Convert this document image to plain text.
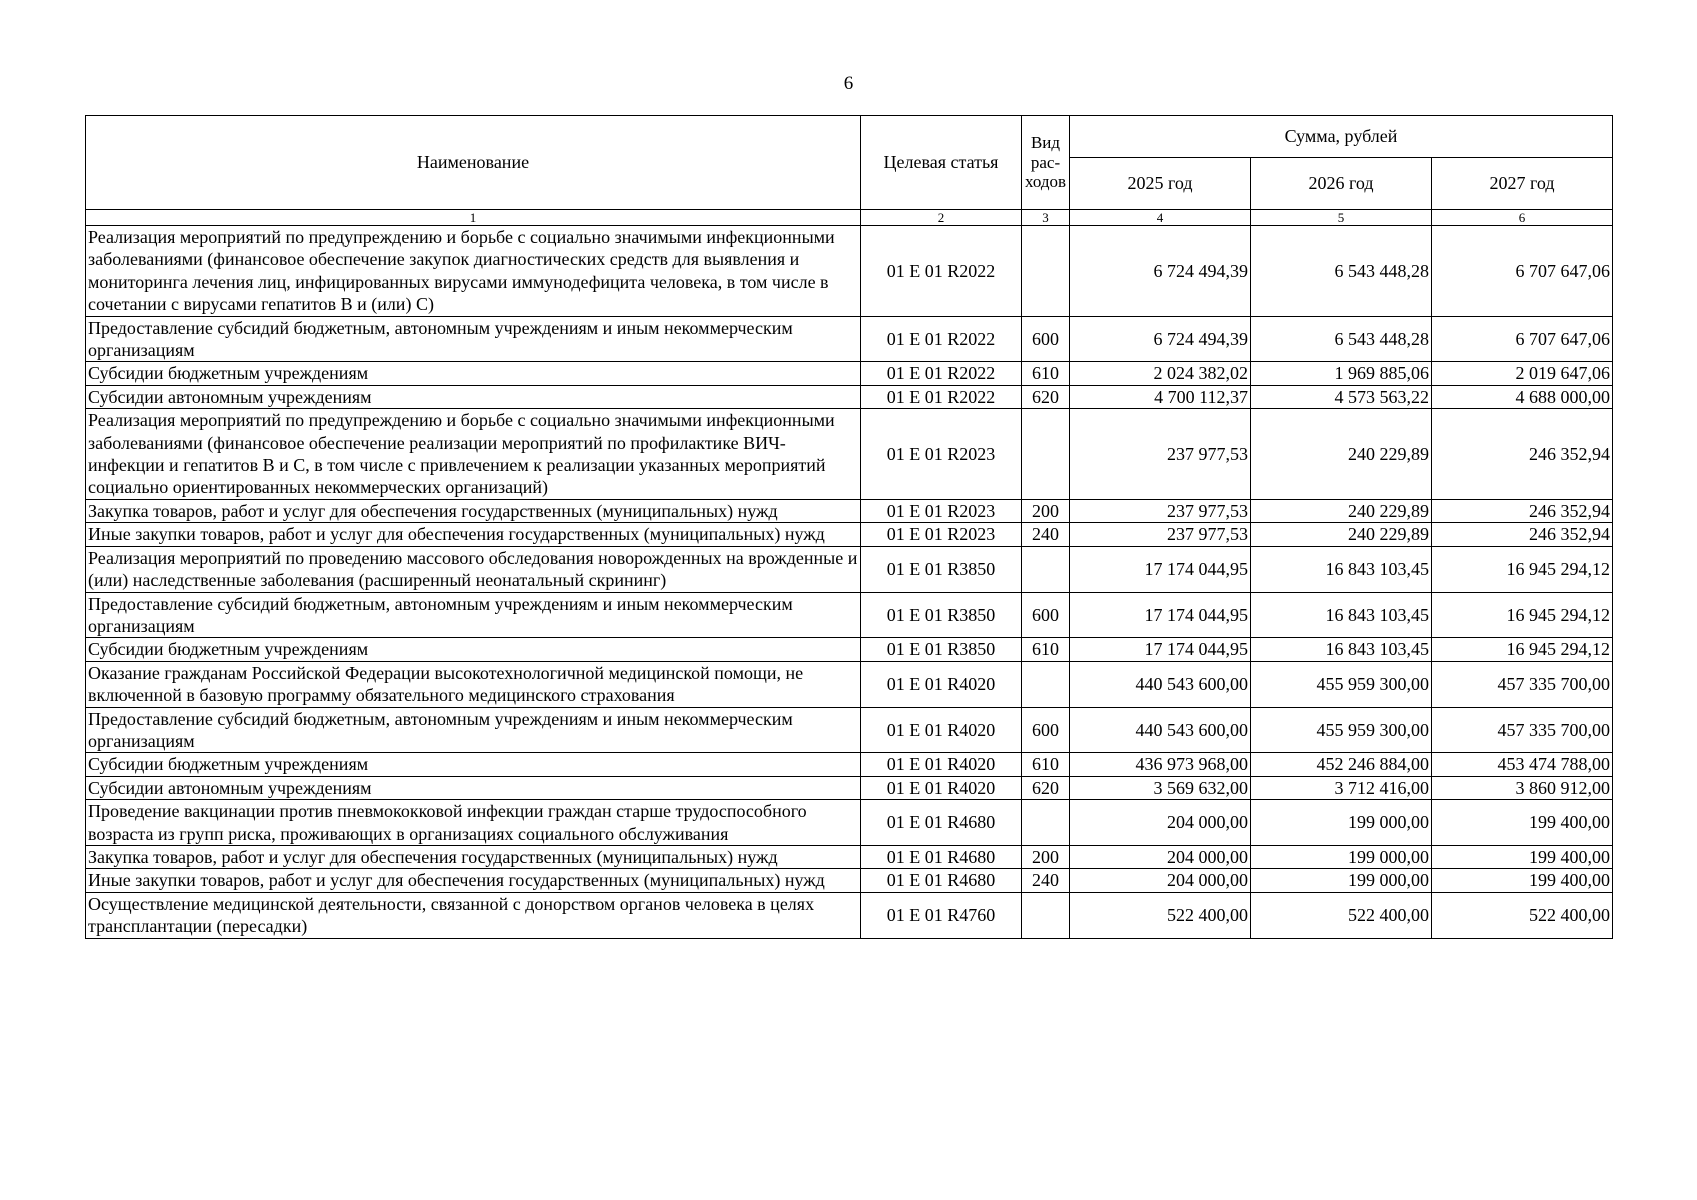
6
Наименование	Целевая статья	Вид рас-ходов	Сумма, рублей		
			2025 год	2026 год	2027 год
1	2	3	4	5	6
Реализация мероприятий по предупреждению и борьбе с социально значимыми инфекционными заболеваниями (финансовое обеспечение закупок диагностических средств для выявления и мониторинга лечения лиц, инфицированных вирусами иммунодефицита человека, в том числе в сочетании с вирусами гепатитов В и (или) С)	01 Е 01 R2022		6 724 494,39	6 543 448,28	6 707 647,06
Предоставление субсидий бюджетным, автономным учреждениям и иным некоммерческим организациям	01 Е 01 R2022	600	6 724 494,39	6 543 448,28	6 707 647,06
Субсидии бюджетным учреждениям	01 Е 01 R2022	610	2 024 382,02	1 969 885,06	2 019 647,06
Субсидии автономным учреждениям	01 Е 01 R2022	620	4 700 112,37	4 573 563,22	4 688 000,00
Реализация мероприятий по предупреждению и борьбе с социально значимыми инфекционными заболеваниями (финансовое обеспечение реализации мероприятий по профилактике ВИЧ-инфекции и гепатитов В и С, в том числе с привлечением к реализации указанных мероприятий социально ориентированных некоммерческих организаций)	01 Е 01 R2023		237 977,53	240 229,89	246 352,94
Закупка товаров, работ и услуг для обеспечения государственных (муниципальных) нужд	01 Е 01 R2023	200	237 977,53	240 229,89	246 352,94
Иные закупки товаров, работ и услуг для обеспечения государственных (муниципальных) нужд	01 Е 01 R2023	240	237 977,53	240 229,89	246 352,94
Реализация мероприятий по проведению массового обследования новорожденных на врожденные и (или) наследственные заболевания (расширенный неонатальный скрининг)	01 Е 01 R3850		17 174 044,95	16 843 103,45	16 945 294,12
Предоставление субсидий бюджетным, автономным учреждениям и иным некоммерческим организациям	01 Е 01 R3850	600	17 174 044,95	16 843 103,45	16 945 294,12
Субсидии бюджетным учреждениям	01 Е 01 R3850	610	17 174 044,95	16 843 103,45	16 945 294,12
Оказание гражданам Российской Федерации высокотехнологичной медицинской помощи, не включенной в базовую программу обязательного медицинского страхования	01 Е 01 R4020		440 543 600,00	455 959 300,00	457 335 700,00
Предоставление субсидий бюджетным, автономным учреждениям и иным некоммерческим организациям	01 Е 01 R4020	600	440 543 600,00	455 959 300,00	457 335 700,00
Субсидии бюджетным учреждениям	01 Е 01 R4020	610	436 973 968,00	452 246 884,00	453 474 788,00
Субсидии автономным учреждениям	01 Е 01 R4020	620	3 569 632,00	3 712 416,00	3 860 912,00
Проведение вакцинации против пневмококковой инфекции граждан старше трудоспособного возраста из групп риска, проживающих в организациях социального обслуживания	01 Е 01 R4680		204 000,00	199 000,00	199 400,00
Закупка товаров, работ и услуг для обеспечения государственных (муниципальных) нужд	01 Е 01 R4680	200	204 000,00	199 000,00	199 400,00
Иные закупки товаров, работ и услуг для обеспечения государственных (муниципальных) нужд	01 Е 01 R4680	240	204 000,00	199 000,00	199 400,00
Осуществление медицинской деятельности, связанной с донорством органов человека в целях трансплантации (пересадки)	01 Е 01 R4760		522 400,00	522 400,00	522 400,00
